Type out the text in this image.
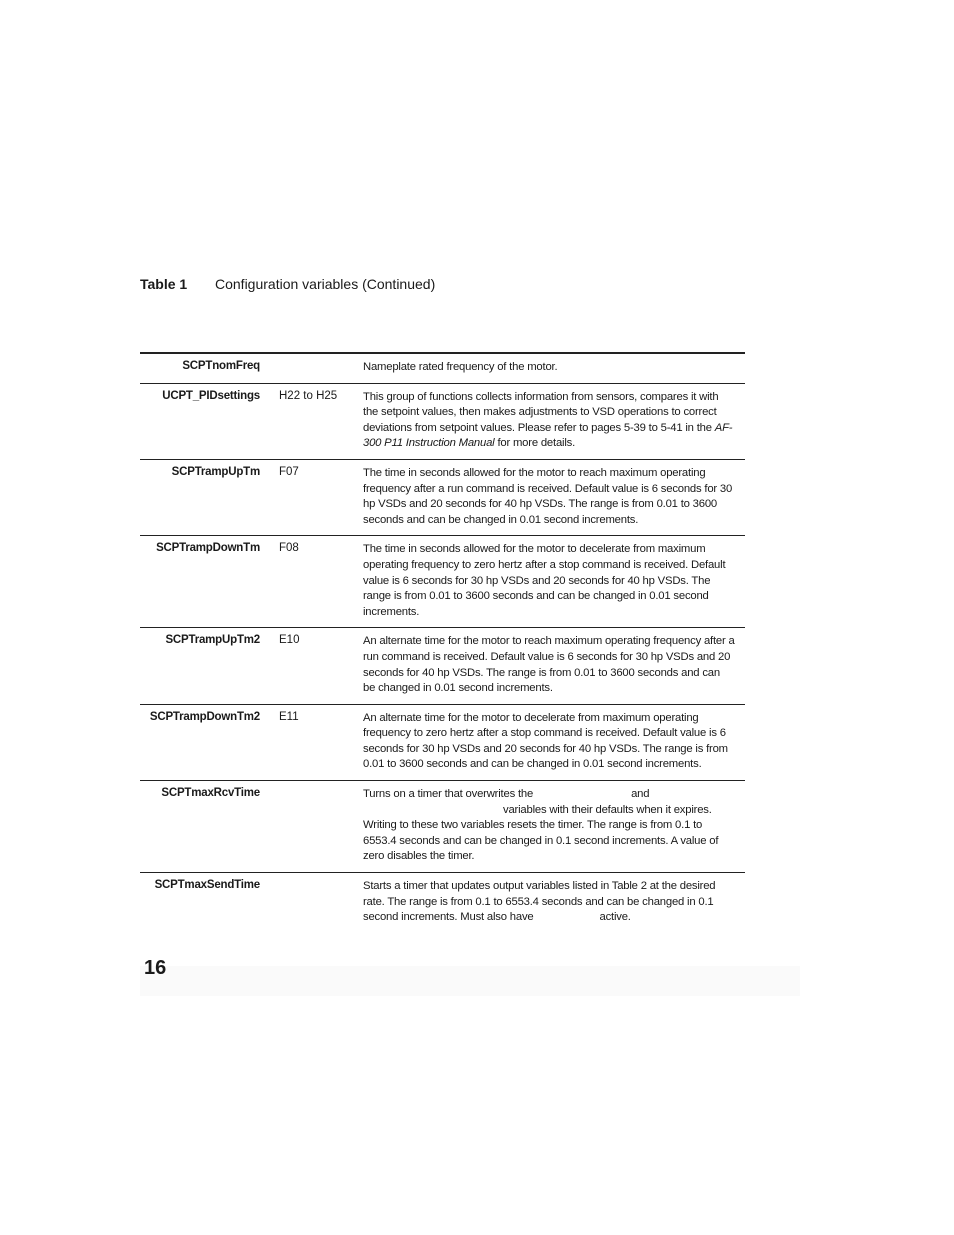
Table 1 Configuration variables (Continued)
SCPTnomFreq	Nameplate rated frequency of the motor.
UCPT_PIDsettings H22 to H25 This group of functions collects information from sensors, compares it with the setpoint values, then makes adjustments to VSD operations to correct deviations from setpoint values. Please refer to pages 5-39 to 5-41 in the AF-300 P11 Instruction Manual for more details.
SCPTrampUpTm F07	The time in seconds allowed for the motor to reach maximum operating frequency after a run command is received. Default value is 6 seconds for 30 hp VSDs and 20 seconds for 40 hp VSDs. The range is from 0.01 to 3600 seconds and can be changed in 0.01 second increments.
SCPTrampDownTm F08	The time in seconds allowed for the motor to decelerate from maximum operating frequency to zero hertz after a stop command is received. Default value is 6 seconds for 30 hp VSDs and 20 seconds for 40 hp VSDs. The range is from 0.01 to 3600 seconds and can be changed in 0.01 second increments.
SCPTrampUpTm2 E10	An alternate time for the motor to reach maximum operating frequency after a run command is received. Default value is 6 seconds for 30 hp VSDs and 20 seconds for 40 hp VSDs. The range is from 0.01 to 3600 seconds and can be changed in 0.01 second increments.
SCPTrampDownTm2 E11	An alternate time for the motor to decelerate from maximum operating frequency to zero hertz after a stop command is received. Default value is 6 seconds for 30 hp VSDs and 20 seconds for 40 hp VSDs. The range is from 0.01 to 3600 seconds and can be changed in 0.01 second increments.
SCPTmaxRcvTime	Turns on a timer that overwrites the	andvariables with their defaults when it expires. Writing to these two variables resets the timer. The range is from 0.1 to 6553.4 seconds and can be changed in 0.1 second increments. A value of zero disables the timer.
SCPTmaxSendTime	Starts a timer that updates output variables listed in Table 2 at the desired rate. The range is from 0.1 to 6553.4 seconds and can be changed in 0.1 second increments. Must also have	active.
16
